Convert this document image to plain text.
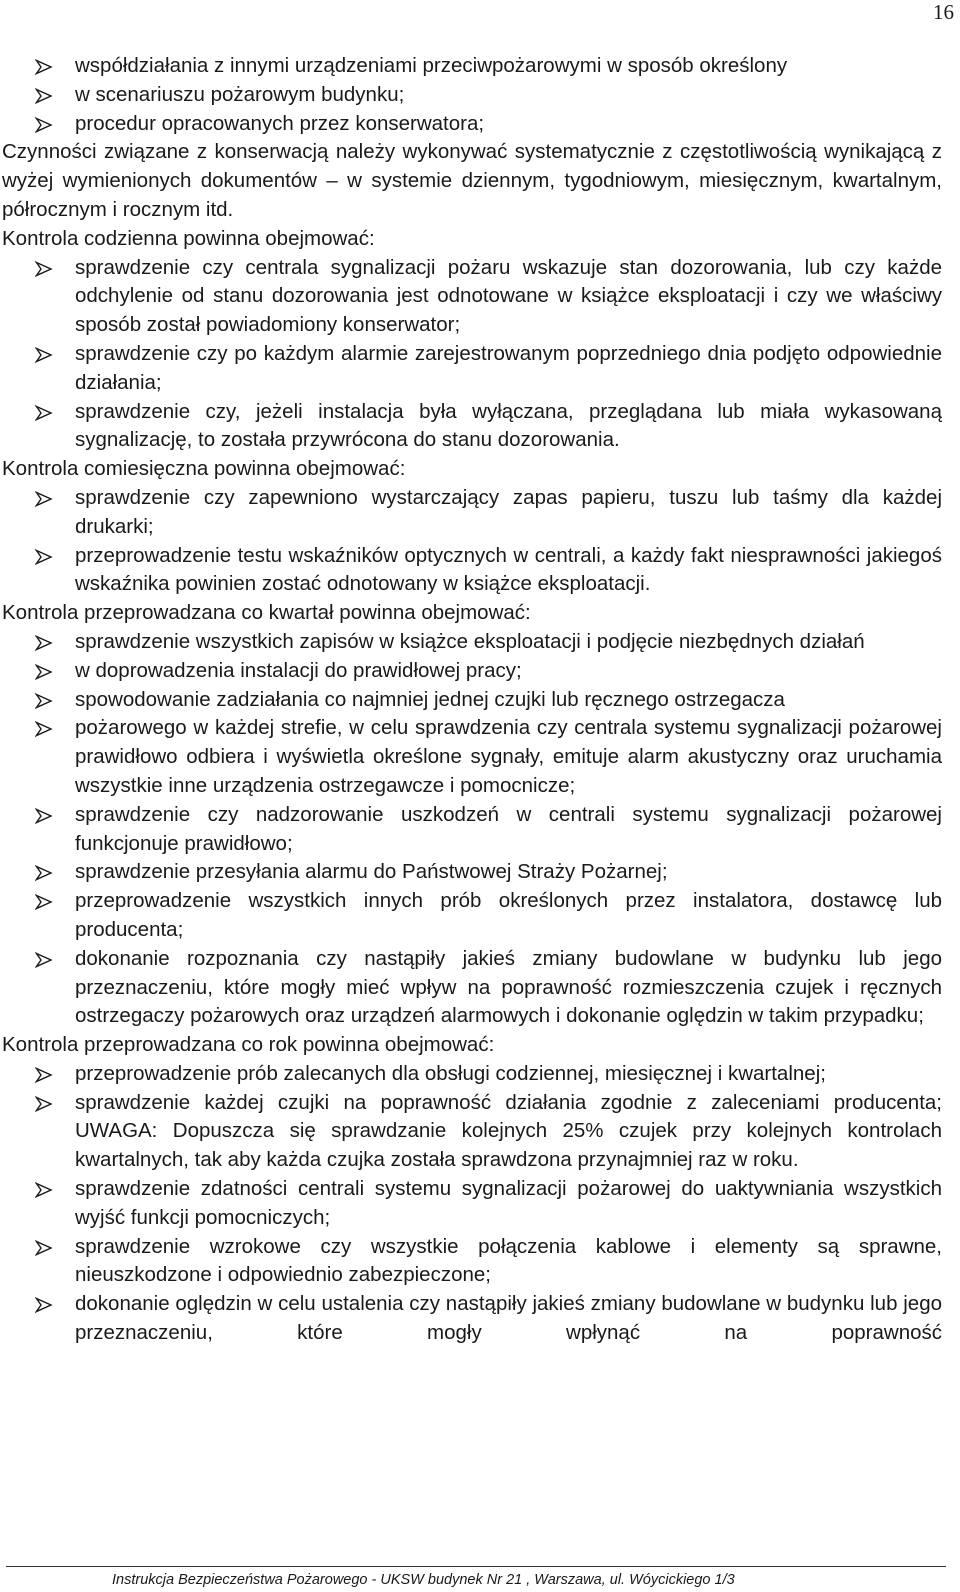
16
współdziałania z innymi urządzeniami przeciwpożarowymi w sposób określony
w scenariuszu pożarowym budynku;
procedur opracowanych przez konserwatora;

Czynności związane z konserwacją należy wykonywać systematycznie z częstotliwością wynikającą z wyżej wymienionych dokumentów – w systemie dziennym, tygodniowym, miesięcznym, kwartalnym, półrocznym i rocznym itd.

Kontrola codzienna powinna obejmować:

sprawdzenie czy centrala sygnalizacji pożaru wskazuje stan dozorowania, lub czy każde odchylenie od stanu dozorowania jest odnotowane w książce eksploatacji i czy we właściwy sposób został powiadomiony konserwator;
sprawdzenie czy po każdym alarmie zarejestrowanym poprzedniego dnia podjęto odpowiednie działania;
sprawdzenie czy, jeżeli instalacja była wyłączana, przeglądana lub miała wykasowaną sygnalizację, to została przywrócona do stanu dozorowania.

Kontrola comiesięczna powinna obejmować:

sprawdzenie czy zapewniono wystarczający zapas papieru, tuszu lub taśmy dla każdej drukarki;
przeprowadzenie testu wskaźników optycznych w centrali, a każdy fakt niesprawności jakiegoś wskaźnika powinien zostać odnotowany w książce eksploatacji.

Kontrola przeprowadzana co kwartał powinna obejmować:

sprawdzenie wszystkich zapisów w książce eksploatacji i podjęcie niezbędnych działań
w doprowadzenia instalacji do prawidłowej pracy;
spowodowanie zadziałania co najmniej jednej czujki lub ręcznego ostrzegacza
pożarowego w każdej strefie, w celu sprawdzenia czy centrala systemu sygnalizacji pożarowej prawidłowo odbiera i wyświetla określone sygnały, emituje alarm akustyczny oraz uruchamia wszystkie inne urządzenia ostrzegawcze i pomocnicze;
sprawdzenie czy nadzorowanie uszkodzeń w centrali systemu sygnalizacji pożarowej funkcjonuje prawidłowo;
sprawdzenie przesyłania alarmu do Państwowej Straży Pożarnej;
przeprowadzenie wszystkich innych prób określonych przez instalatora, dostawcę lub producenta;
dokonanie rozpoznania czy nastąpiły jakieś zmiany budowlane w budynku lub jego przeznaczeniu, które mogły mieć wpływ na poprawność rozmieszczenia czujek i ręcznych ostrzegaczy pożarowych oraz urządzeń alarmowych i dokonanie oględzin w takim przypadku;

Kontrola przeprowadzana co rok powinna obejmować:

przeprowadzenie prób zalecanych dla obsługi codziennej, miesięcznej i kwartalnej;
sprawdzenie każdej czujki na poprawność działania zgodnie z zaleceniami producenta; UWAGA: Dopuszcza się sprawdzanie kolejnych 25% czujek przy kolejnych kontrolach kwartalnych, tak aby każda czujka została sprawdzona przynajmniej raz w roku.
sprawdzenie zdatności centrali systemu sygnalizacji pożarowej do uaktywniania wszystkich wyjść funkcji pomocniczych;
sprawdzenie wzrokowe czy wszystkie połączenia kablowe i elementy są sprawne, nieuszkodzone i odpowiednio zabezpieczone;
dokonanie oględzin w celu ustalenia czy nastąpiły jakieś zmiany budowlane w budynku lub jego przeznaczeniu, które mogły wpłynąć na poprawność
Instrukcja Bezpieczeństwa Pożarowego - UKSW budynek Nr 21 , Warszawa, ul. Wóycickiego 1/3
